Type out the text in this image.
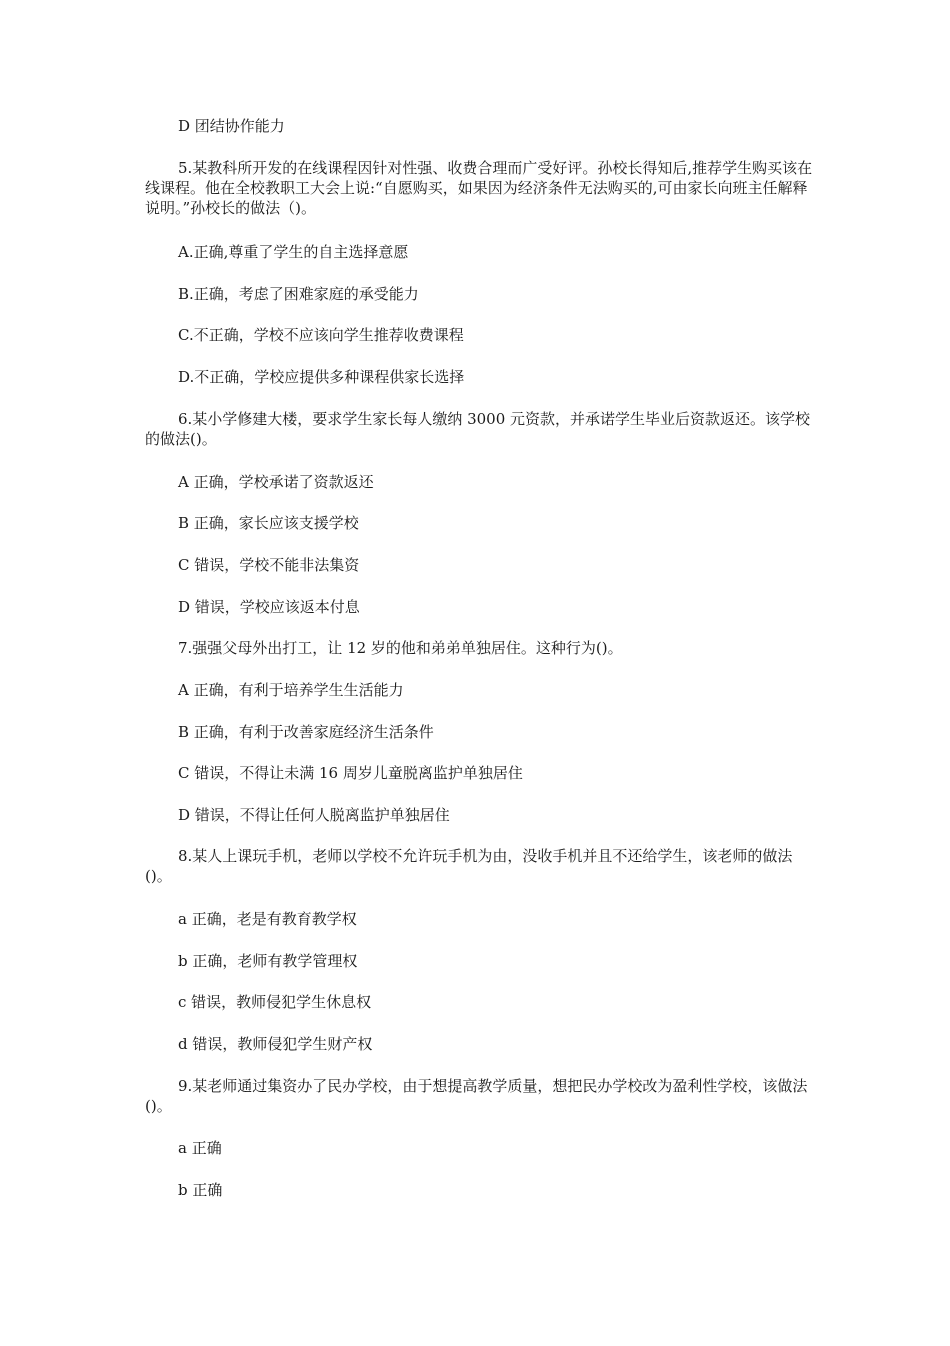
D 团结协作能力
5.某教科所开发的在线课程因针对性强、收费合理而广受好评。孙校长得知后,推荐学生购买该在线课程。他在全校教职工大会上说:“自愿购买，如果因为经济条件无法购买的,可由家长向班主任解释说明。”孙校长的做法（)。
A.正确,尊重了学生的自主选择意愿
B.正确，考虑了困难家庭的承受能力
C.不正确，学校不应该向学生推荐收费课程
D.不正确，学校应提供多种课程供家长选择
6.某小学修建大楼，要求学生家长每人缴纳 3000 元资款，并承诺学生毕业后资款返还。该学校的做法()。
A 正确，学校承诺了资款返还
B 正确，家长应该支援学校
C 错误，学校不能非法集资
D 错误，学校应该返本付息
7.强强父母外出打工，让 12 岁的他和弟弟单独居住。这种行为()。
A 正确，有利于培养学生生活能力
B 正确，有利于改善家庭经济生活条件
C 错误，不得让未满 16 周岁儿童脱离监护单独居住
D 错误，不得让任何人脱离监护单独居住
8.某人上课玩手机，老师以学校不允许玩手机为由，没收手机并且不还给学生，该老师的做法()。
a 正确，老是有教育教学权
b 正确，老师有教学管理权
c 错误，教师侵犯学生休息权
d 错误，教师侵犯学生财产权
9.某老师通过集资办了民办学校，由于想提高教学质量，想把民办学校改为盈利性学校，该做法()。
a 正确
b 正确
